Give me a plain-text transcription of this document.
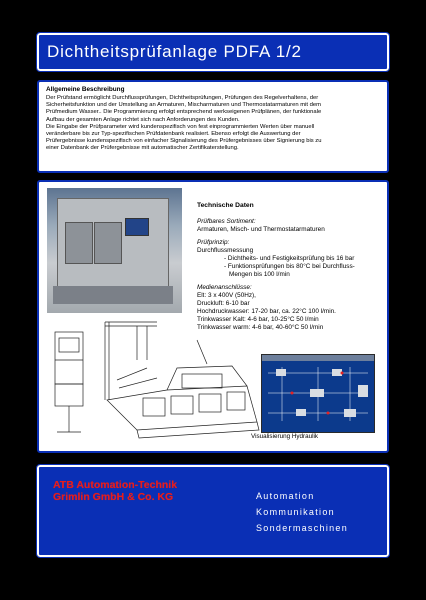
Dichtheitsprüfanlage PDFA 1/2
Allgemeine Beschreibung
Der Prüfstand ermöglicht Durchflussprüfungen, Dichtheitsprüfungen, Prüfungen des Regelverhaltens, der
Sicherheitsfunktion und der Umstellung an Armaturen, Mischarmaturen und Thermostatarmaturen mit dem
Prüfmedium Wasser.. Die Programmierung erfolgt entsprechend werkseigenen Prüfplänen, der funktionale
Aufbau der gesamten Anlage richtet sich nach Anforderungen des Kunden.
Die Eingabe der Prüfparameter wird kundenspezifisch von fest einprogrammierten Werten über manuell
veränderbare bis zur Typ-spezifischen Prüfdatenbank realisiert. Ebenso erfolgt die Auswertung der
Prüfergebnisse kundenspezifisch von einfacher Signalisierung des Prüfergebnisses über Signierung bis zu
einer Datenbank der Prüfergebnisse mit automatischer Zertifikaterstellung.
Technische Daten
Prüfbares Sortiment:
Armaturen, Misch- und Thermostatarmaturen
Prüfprinzip:
Durchflussmessung
- Dichtheits- und Festigkeitsprüfung bis 16 bar
- Funktionsprüfungen bis 80°C bei Durchfluss-
Mengen bis 100 l/min
Medienanschlüsse:
Elt: 3 x 400V (50Hz),
Druckluft: 6-10 bar
Hochdruckwasser: 17-20 bar, ca. 22°C 100 l/min.
Trinkwasser Kalt: 4-6 bar, 10-25°C 50 l/min
Trinkwasser warm: 4-6 bar, 40-60°C 50 l/min
Visualisierung Hydraulik
ATB Automation-Technik
Grimlin GmbH & Co. KG	Automation
Kommunikation
Sondermaschinen
